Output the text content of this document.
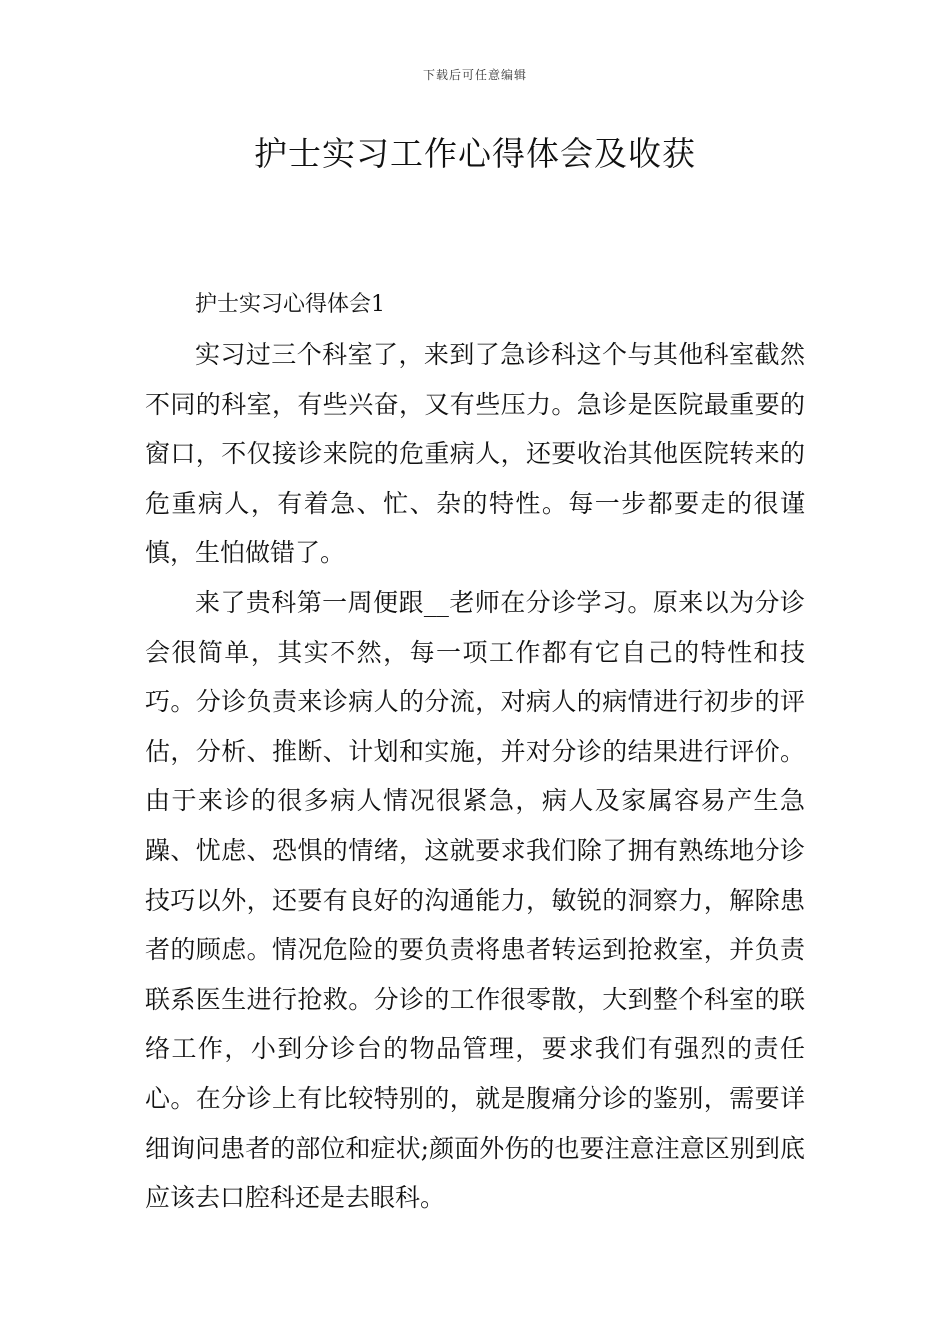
下载后可任意编辑
护士实习工作心得体会及收获

护士实习心得体会1

实习过三个科室了，来到了急诊科这个与其他科室截然不同的科室，有些兴奋，又有些压力。急诊是医院最重要的窗口，不仅接诊来院的危重病人，还要收治其他医院转来的危重病人，有着急、忙、杂的特性。每一步都要走的很谨慎，生怕做错了。

来了贵科第一周便跟__老师在分诊学习。原来以为分诊会很简单，其实不然，每一项工作都有它自己的特性和技巧。分诊负责来诊病人的分流，对病人的病情进行初步的评估，分析、推断、计划和实施，并对分诊的结果进行评价。由于来诊的很多病人情况很紧急，病人及家属容易产生急躁、忧虑、恐惧的情绪，这就要求我们除了拥有熟练地分诊技巧以外，还要有良好的沟通能力，敏锐的洞察力，解除患者的顾虑。情况危险的要负责将患者转运到抢救室，并负责联系医生进行抢救。分诊的工作很零散，大到整个科室的联络工作，小到分诊台的物品管理，要求我们有强烈的责任心。在分诊上有比较特别的，就是腹痛分诊的鉴别，需要详细询问患者的部位和症状;颜面外伤的也要注意注意区别到底应该去口腔科还是去眼科。
